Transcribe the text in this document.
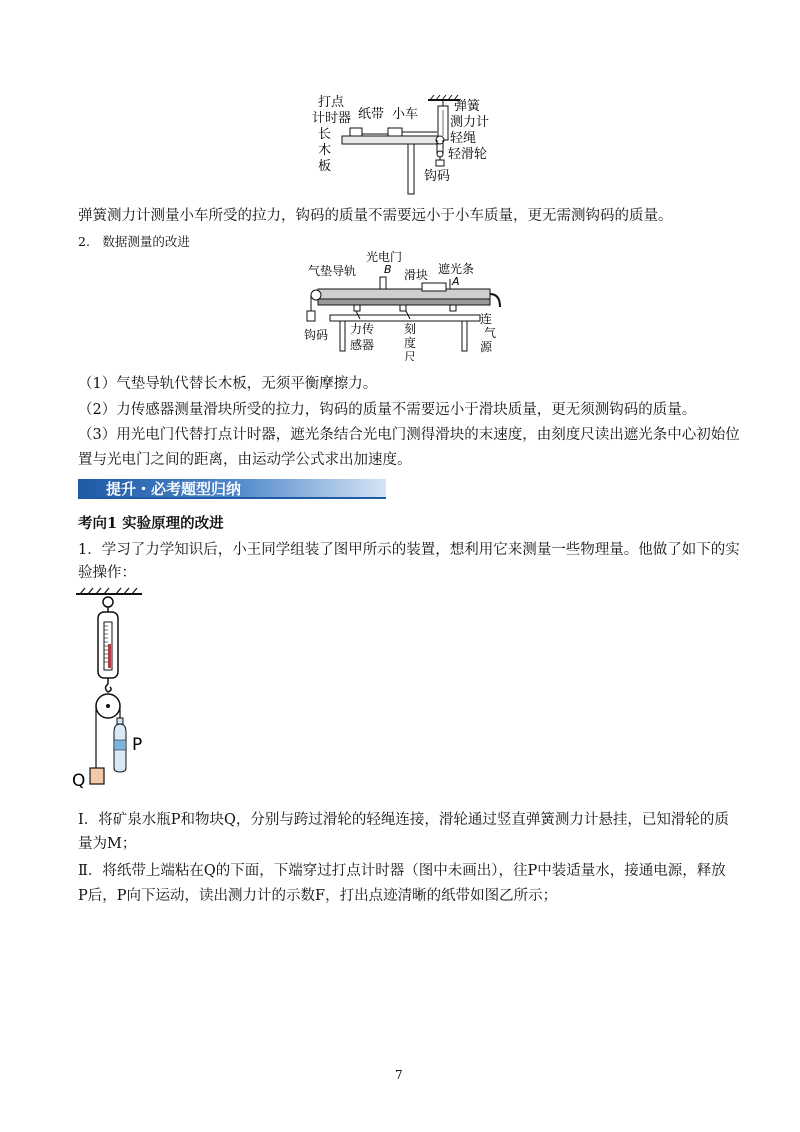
打点
计时器 纸带 小车
弹簧
测力计
长
木
板
轻绳
轻滑轮
钩码
弹簧测力计测量小车所受的拉力，钩码的质量不需要远小于小车质量，更无需测钩码的质量。
2.　数据测量的改进
光电门
B
气垫导轨	滑块 遮光条
A
钩码 力传
感器
刻
度
尺
连
气
源
（1）气垫导轨代替长木板，无须平衡摩擦力。
（2）力传感器测量滑块所受的拉力，钩码的质量不需要远小于滑块质量，更无须测钩码的质量。
（3）用光电门代替打点计时器，遮光条结合光电门测得滑块的末速度，由刻度尺读出遮光条中心初始位
置与光电门之间的距离，由运动学公式求出加速度。
提升・必考题型归纳
考向1 实验原理的改进
1．学习了力学知识后，小王同学组装了图甲所示的装置，想利用它来测量一些物理量。他做了如下的实
验操作：
P
Q
Ⅰ．将矿泉水瓶P和物块Q，分别与跨过滑轮的轻绳连接，滑轮通过竖直弹簧测力计悬挂，已知滑轮的质
量为M；
Ⅱ．将纸带上端粘在Q的下面，下端穿过打点计时器（图中未画出），往P中装适量水，接通电源，释放
P后，P向下运动，读出测力计的示数F，打出点迹清晰的纸带如图乙所示；
7
